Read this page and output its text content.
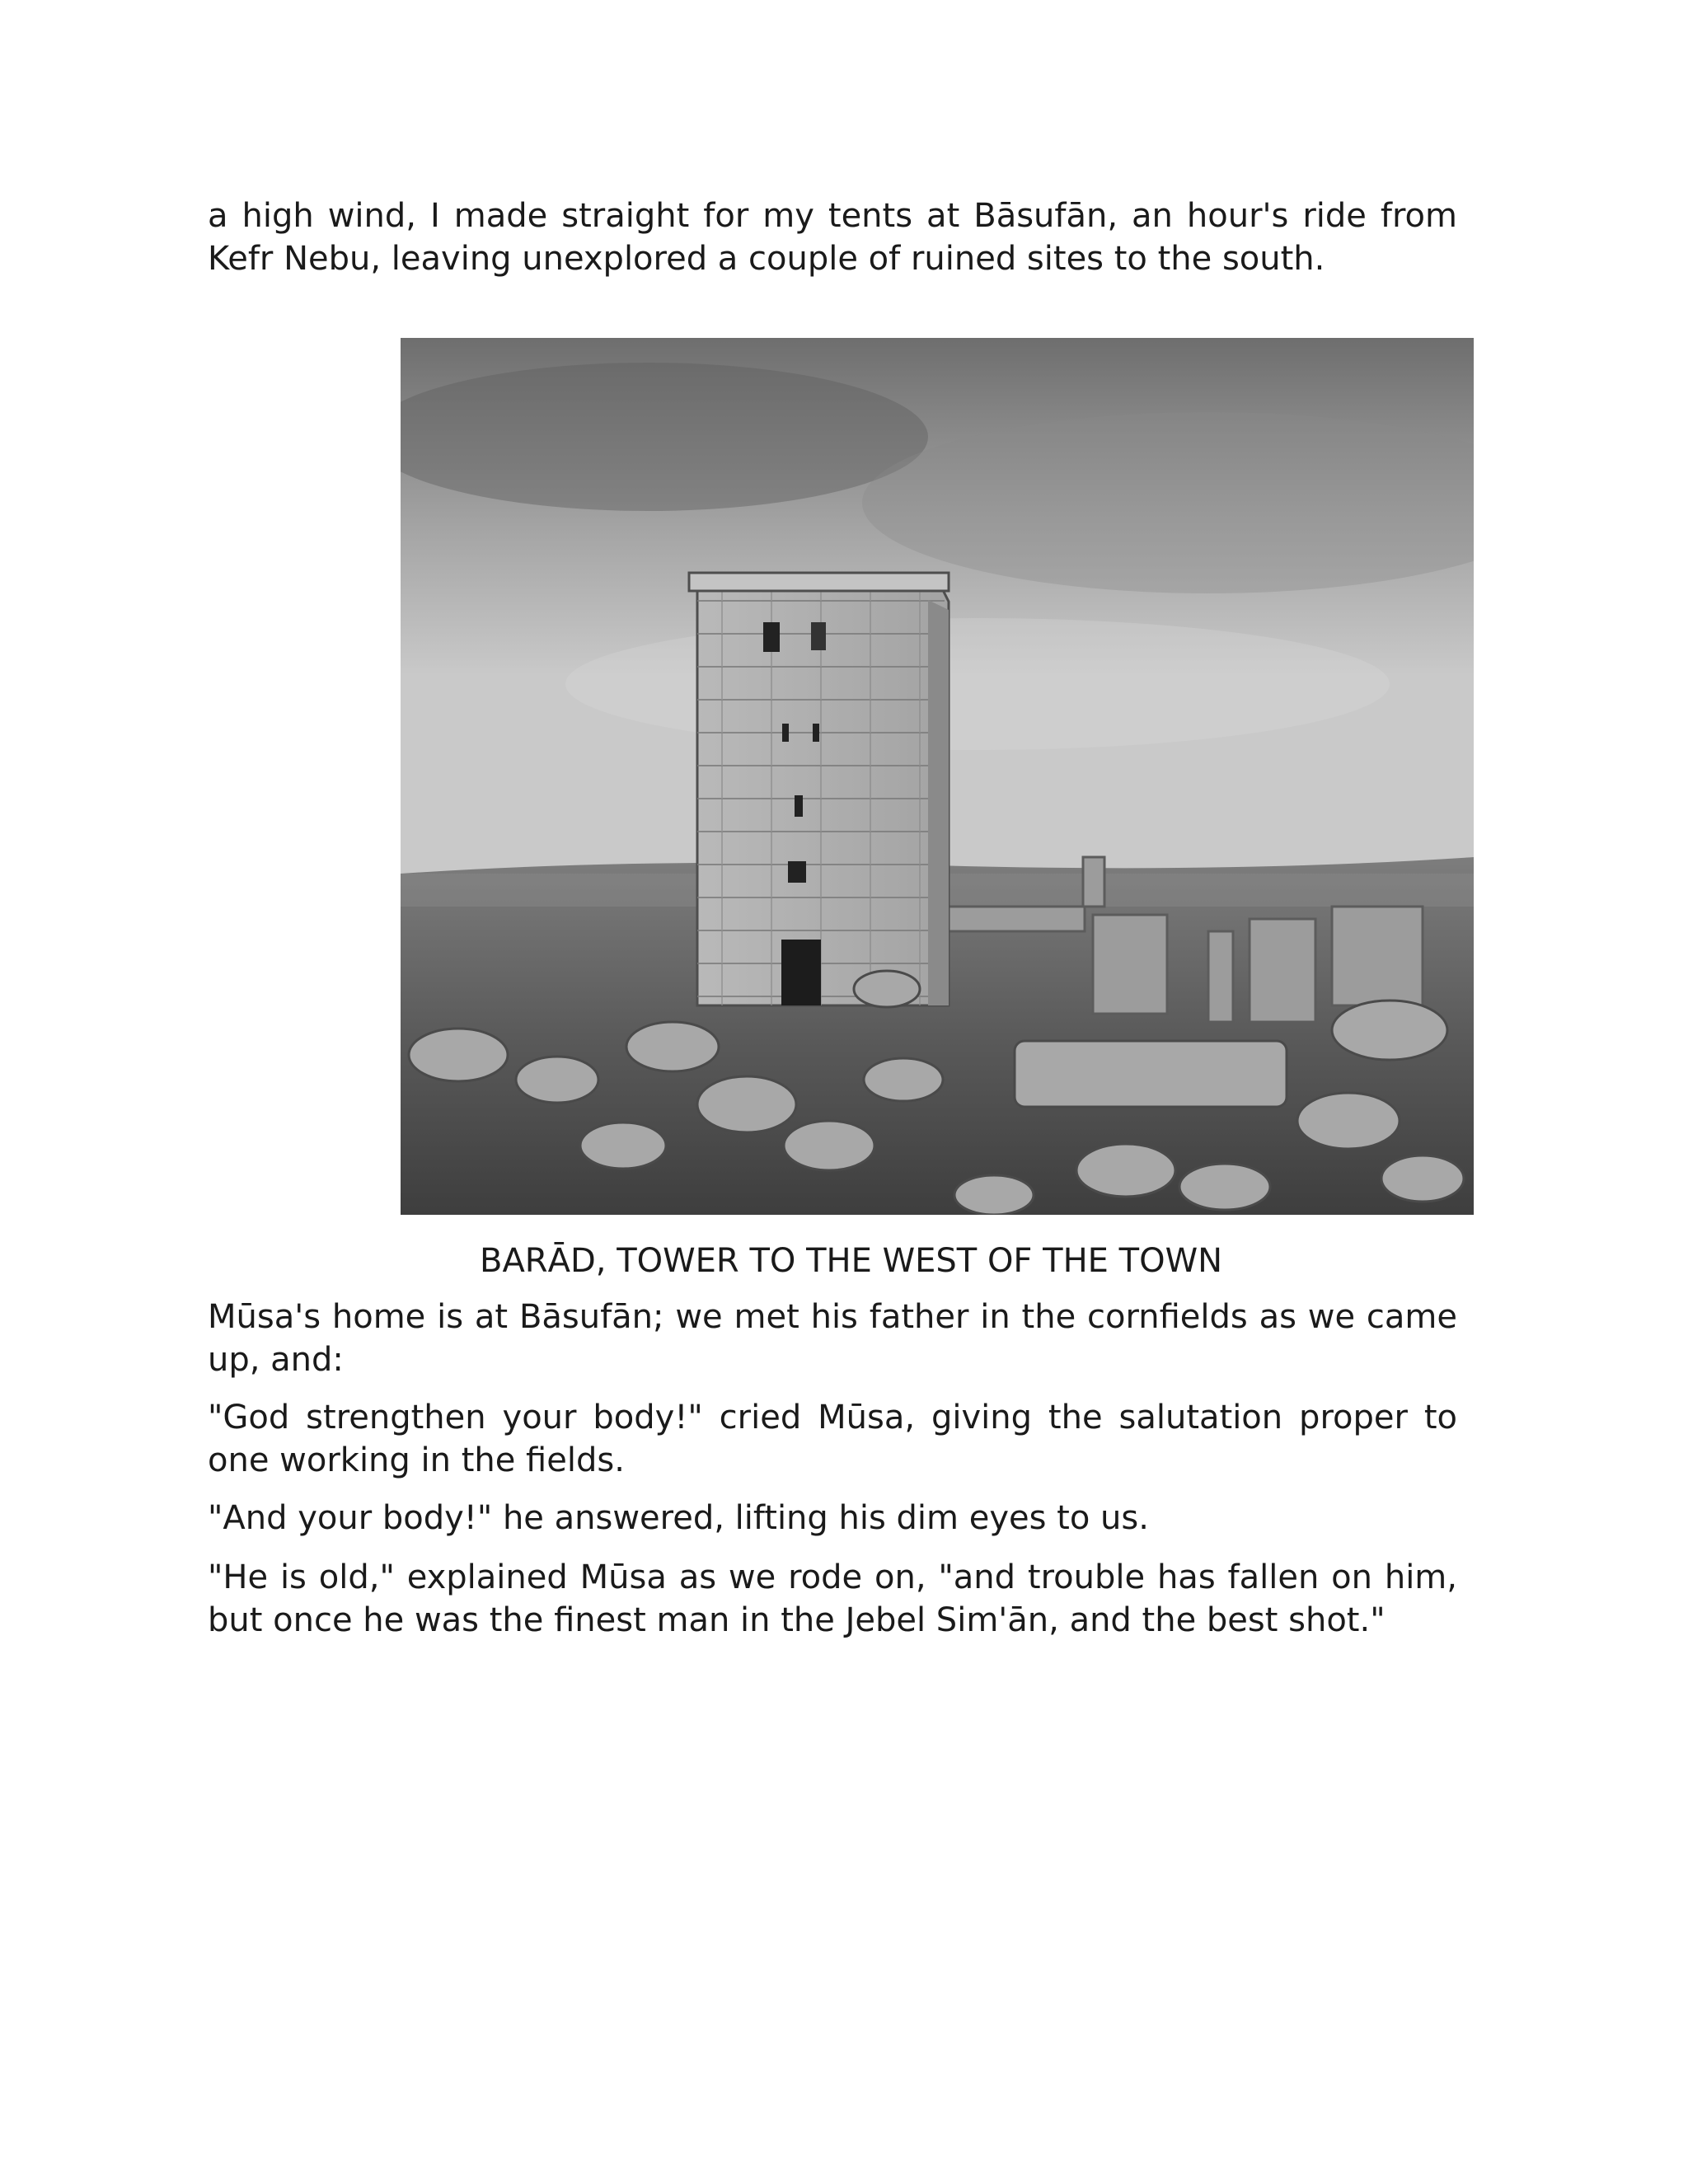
a high wind, I made straight for my tents at Bāsufān, an hour's ride from Kefr Nebu, leaving unexplored a couple of ruined sites to the south.

BARĀD, TOWER TO THE WEST OF THE TOWN

Mūsa's home is at Bāsufān; we met his father in the cornfields as we came up, and:

"God strengthen your body!" cried Mūsa, giving the salutation proper to one working in the fields.

"And your body!" he answered, lifting his dim eyes to us.

"He is old," explained Mūsa as we rode on, "and trouble has fallen on him, but once he was the finest man in the Jebel Sim'ān, and the best shot."
